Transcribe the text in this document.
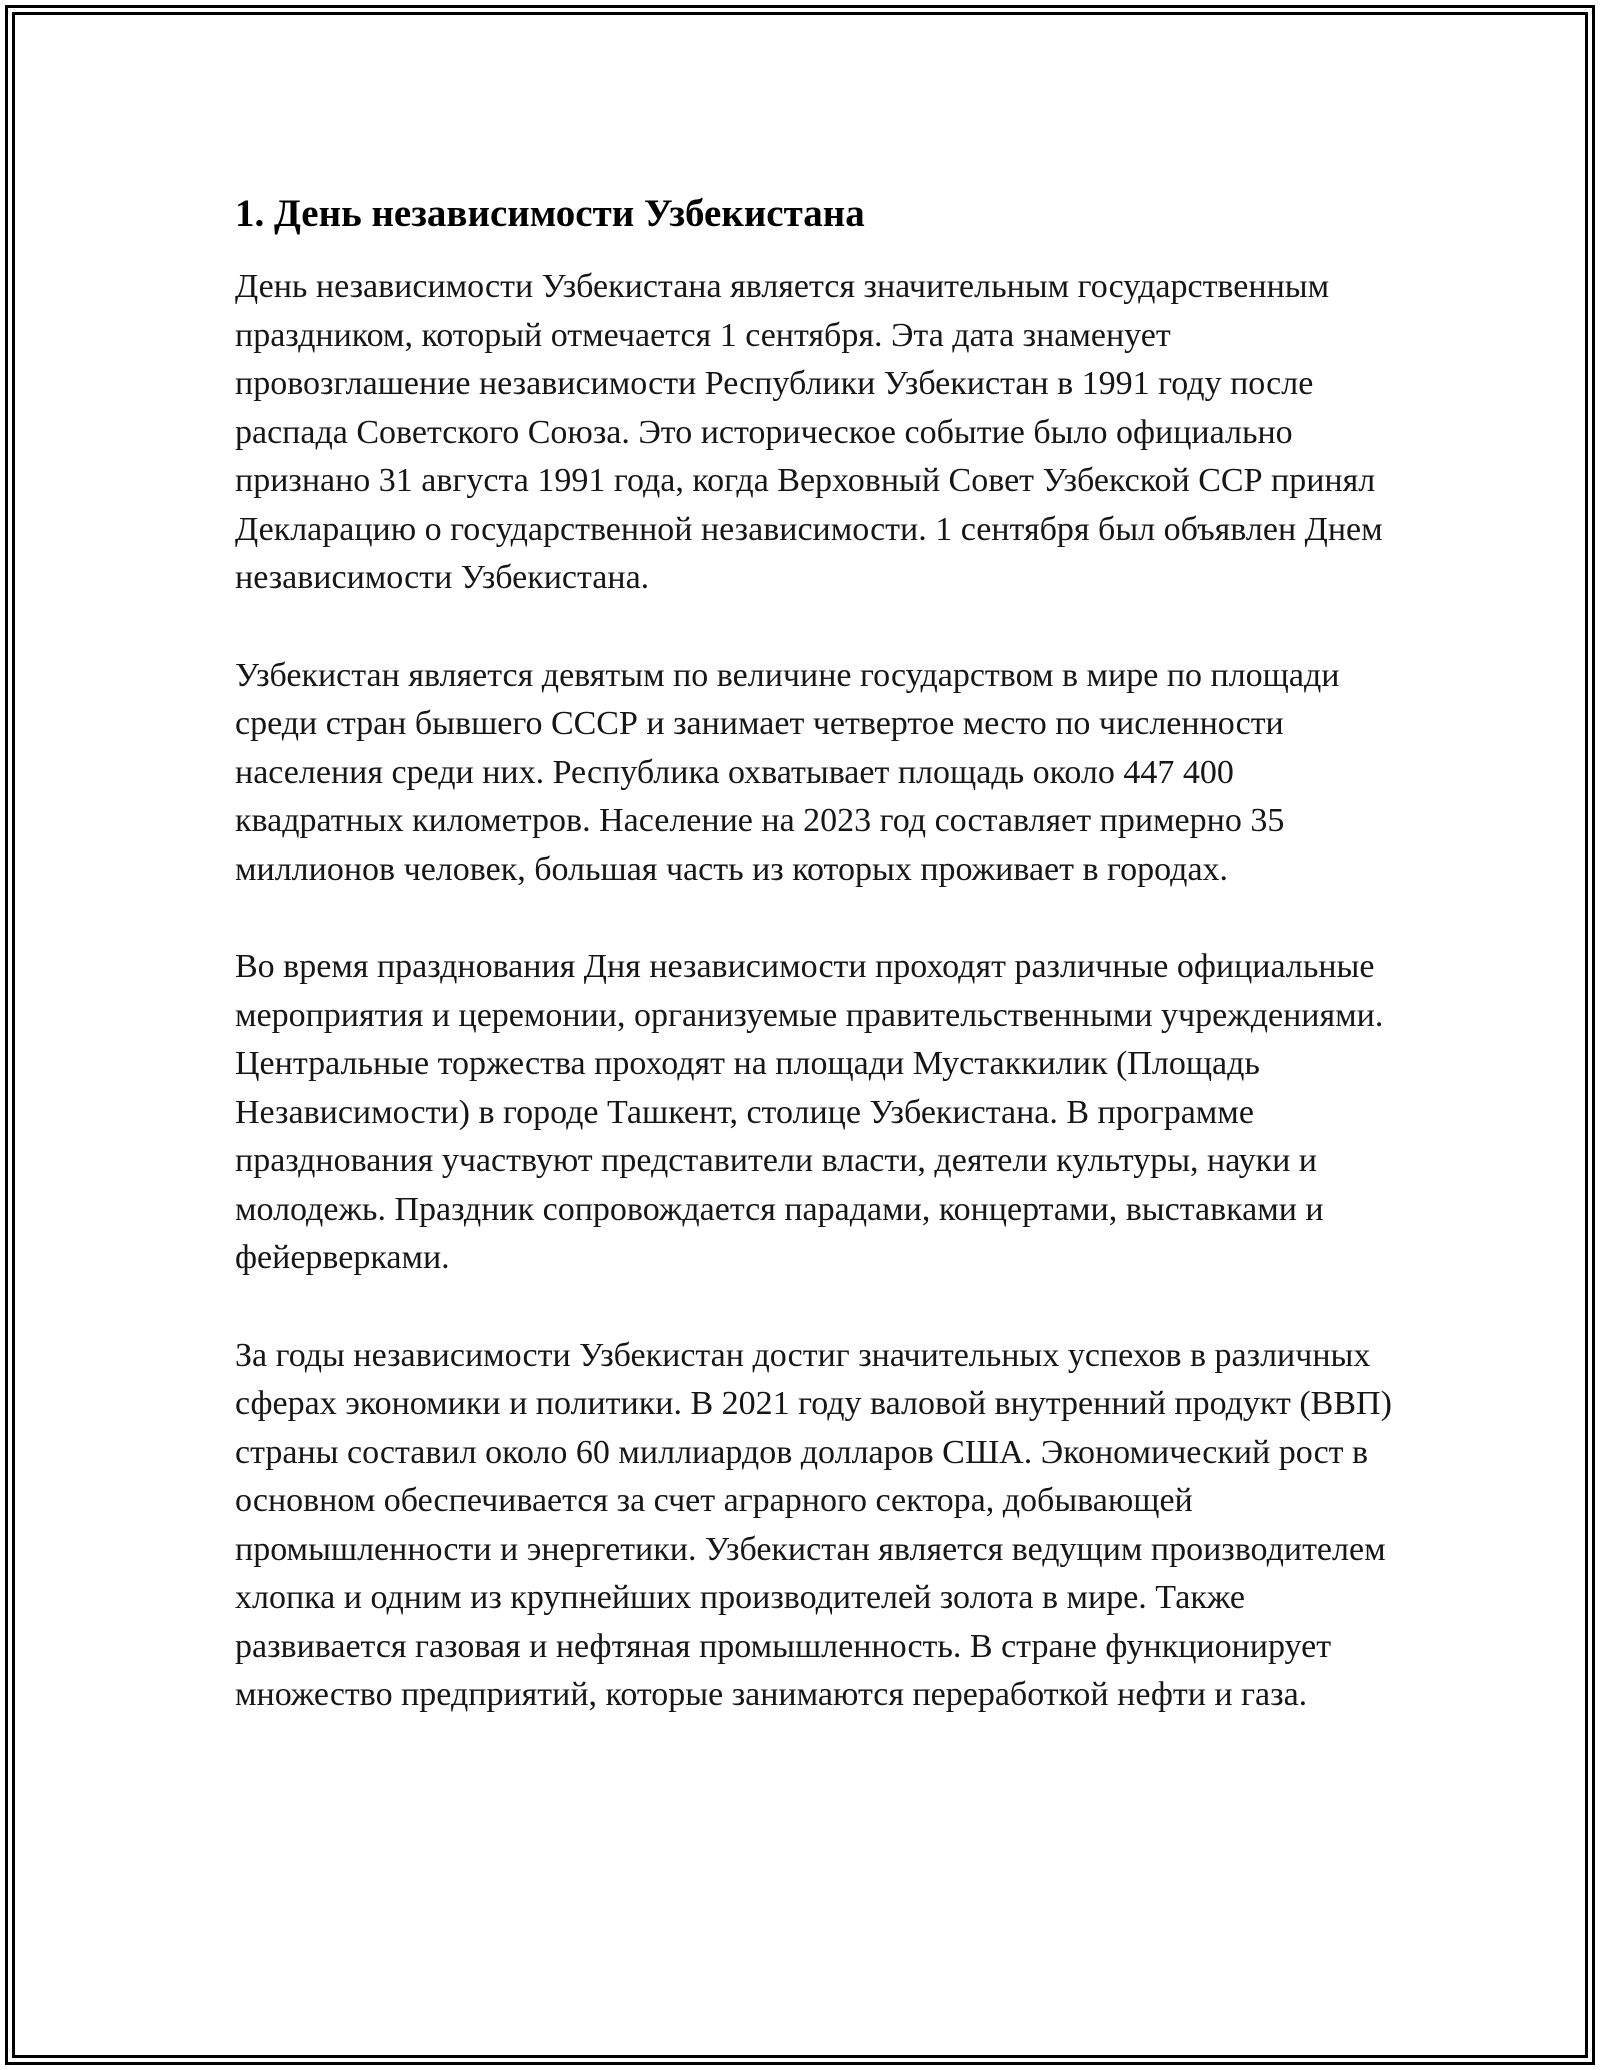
1. День независимости Узбекистана

День независимости Узбекистана является значительным государственным праздником, который отмечается 1 сентября. Эта дата знаменует провозглашение независимости Республики Узбекистан в 1991 году после распада Советского Союза. Это историческое событие было официально признано 31 августа 1991 года, когда Верховный Совет Узбекской ССР принял Декларацию о государственной независимости. 1 сентября был объявлен Днем независимости Узбекистана.

Узбекистан является девятым по величине государством в мире по площади среди стран бывшего СССР и занимает четвертое место по численности населения среди них. Республика охватывает площадь около 447 400 квадратных километров. Население на 2023 год составляет примерно 35 миллионов человек, большая часть из которых проживает в городах.

Во время празднования Дня независимости проходят различные официальные мероприятия и церемонии, организуемые правительственными учреждениями. Центральные торжества проходят на площади Мустаккилик (Площадь Независимости) в городе Ташкент, столице Узбекистана. В программе празднования участвуют представители власти, деятели культуры, науки и молодежь. Праздник сопровождается парадами, концертами, выставками и фейерверками.

За годы независимости Узбекистан достиг значительных успехов в различных сферах экономики и политики. В 2021 году валовой внутренний продукт (ВВП) страны составил около 60 миллиардов долларов США. Экономический рост в основном обеспечивается за счет аграрного сектора, добывающей промышленности и энергетики. Узбекистан является ведущим производителем хлопка и одним из крупнейших производителей золота в мире. Также развивается газовая и нефтяная промышленность. В стране функционирует множество предприятий, которые занимаются переработкой нефти и газа.
